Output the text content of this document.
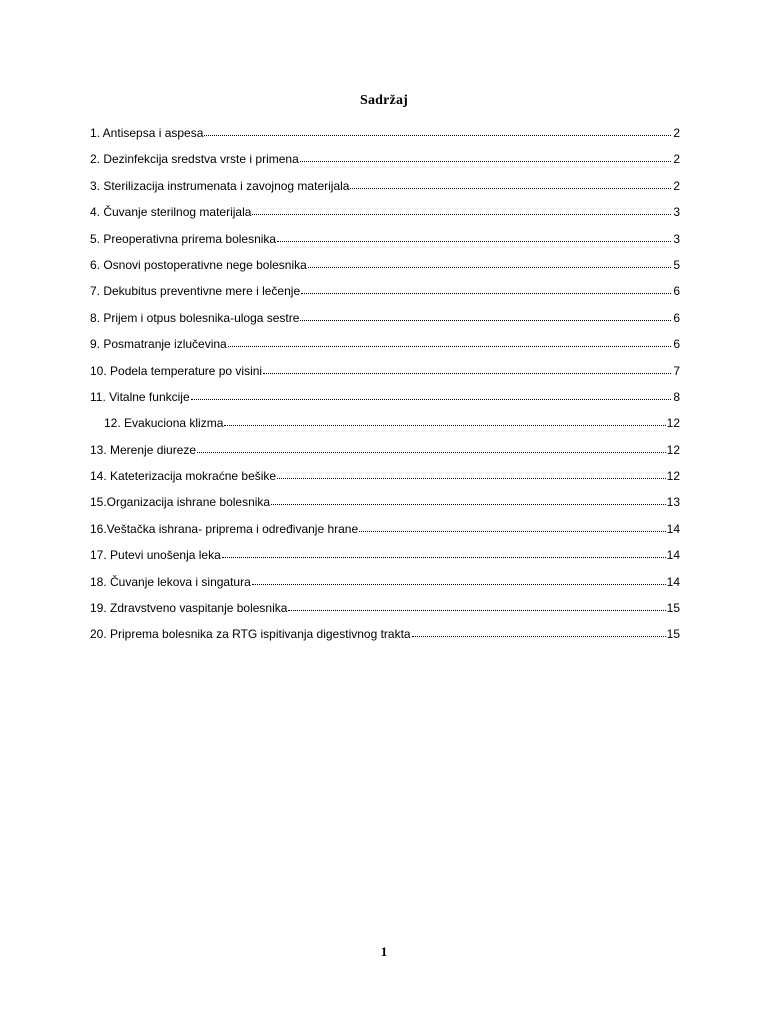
Sadržaj
1. Antisepsa i aspesa	2
2. Dezinfekcija sredstva vrste i primena	2
3. Sterilizacija instrumenata i zavojnog materijala	2
4. Čuvanje sterilnog materijala	3
5. Preoperativna prirema bolesnika	3
6. Osnovi postoperativne nege bolesnika	5
7. Dekubitus preventivne mere i lečenje	6
8. Prijem i otpus bolesnika-uloga sestre	6
9. Posmatranje izlučevina	6
10. Podela temperature po visini	7
11. Vitalne funkcije	8
12. Evakuciona klizma	12
13. Merenje diureze	12
14. Kateterizacija mokraćne bešike	12
15.Organizacija ishrane bolesnika	13
16.Veštačka ishrana- priprema i određivanje hrane	14
17. Putevi unošenja leka	14
18. Čuvanje lekova i singatura	14
19. Zdravstveno vaspitanje bolesnika	15
20. Priprema bolesnika za RTG ispitivanja digestivnog trakta	15
1
